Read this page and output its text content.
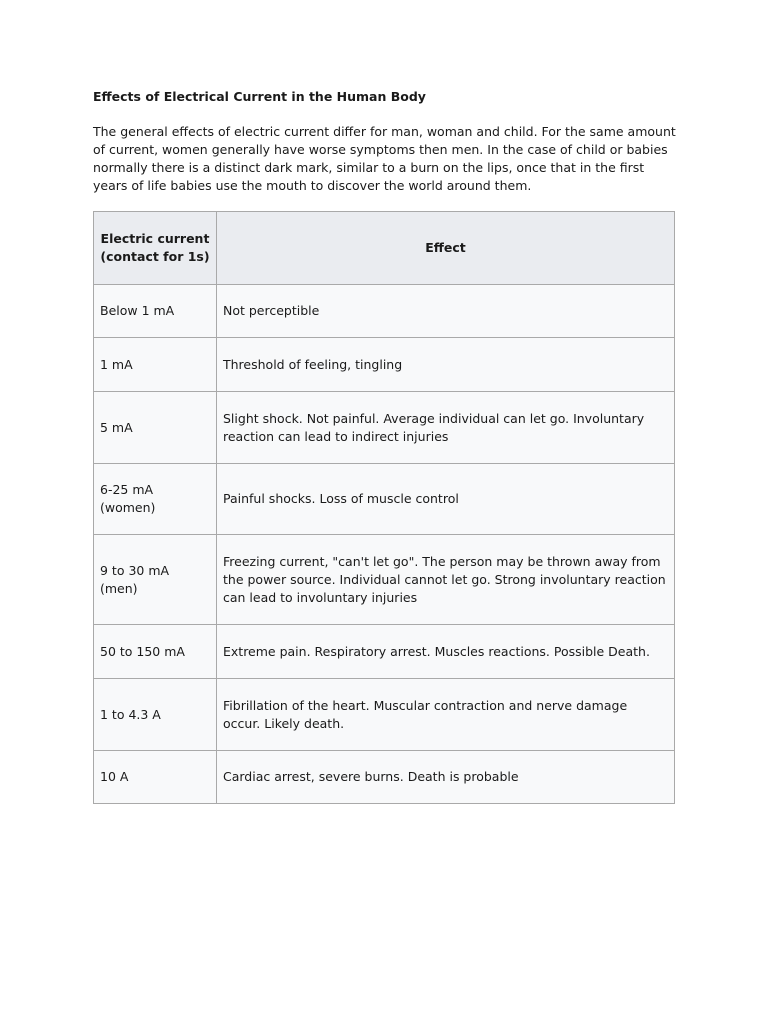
Effects of Electrical Current in the Human Body

The general effects of electric current differ for man, woman and child. For the same amount of current, women generally have worse symptoms then men. In the case of child or babies normally there is a distinct dark mark, similar to a burn on the lips, once that in the first years of life babies use the mouth to discover the world around them.

Electric current (contact for 1s)	Effect
Below 1 mA	Not perceptible
1 mA	Threshold of feeling, tingling
5 mA	Slight shock. Not painful. Average individual can let go. Involuntary reaction can lead to indirect injuries
6-25 mA (women)	Painful shocks. Loss of muscle control
9 to 30 mA (men)	Freezing current, "can't let go". The person may be thrown away from the power source. Individual cannot let go. Strong involuntary reaction can lead to involuntary injuries
50 to 150 mA	Extreme pain. Respiratory arrest. Muscles reactions. Possible Death.
1 to 4.3 A	Fibrillation of the heart. Muscular contraction and nerve damage occur. Likely death.
10 A	Cardiac arrest, severe burns. Death is probable
